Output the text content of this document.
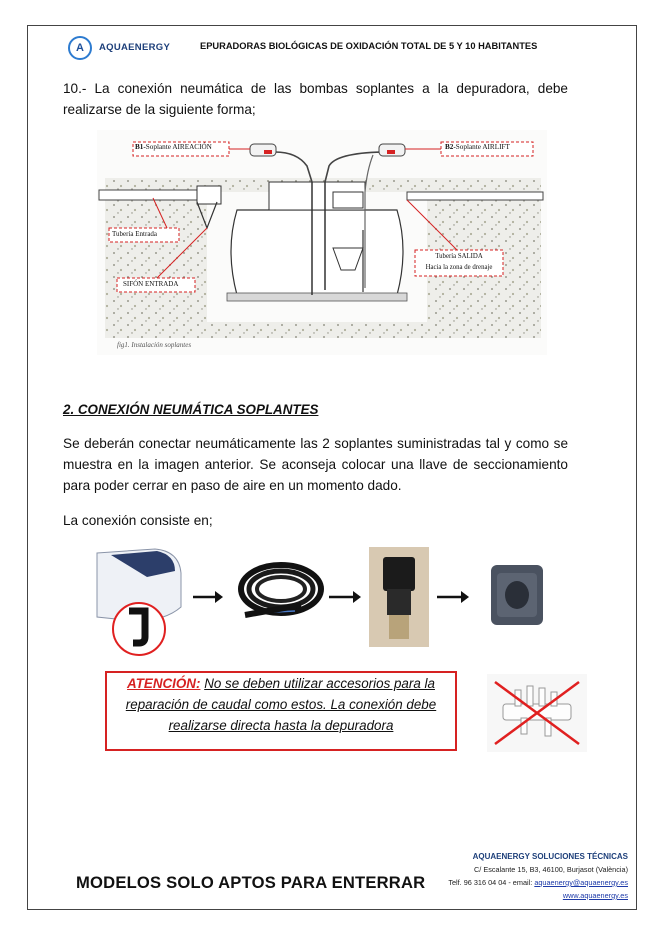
A	AQUAENERGY	EPURADORAS BIOLÓGICAS DE OXIDACIÓN TOTAL DE 5 Y 10 HABITANTES
10.- La conexión neumática de las bombas soplantes a la depuradora, debe realizarse de la siguiente forma;
B1-Soplante AIREACIÓN	B2-Soplante AIRLIFT
Tubería Entrada
SIFÓN ENTRADA
Tubería SALIDA
Hacia la zona de drenaje
fig1. Instalación soplantes
2. CONEXIÓN NEUMÁTICA SOPLANTES
Se deberán conectar neumáticamente las 2 soplantes suministradas tal y como se muestra en la imagen anterior. Se aconseja colocar una llave de seccionamiento para poder cerrar en paso de aire en un momento dado.
La conexión consiste en;
ATENCIÓN: No se deben utilizar accesorios para la
reparación de caudal como estos. La conexión debe
realizarse directa hasta la depuradora
MODELOS SOLO APTOS PARA ENTERRAR
AQUAENERGY SOLUCIONES TÉCNICAS
C/ Escalante 15, B3, 46100, Burjasot (València)
Telf. 96 316 04 04 - email: aquaenergy@aquaenergy.es
www.aquaenergy.es
